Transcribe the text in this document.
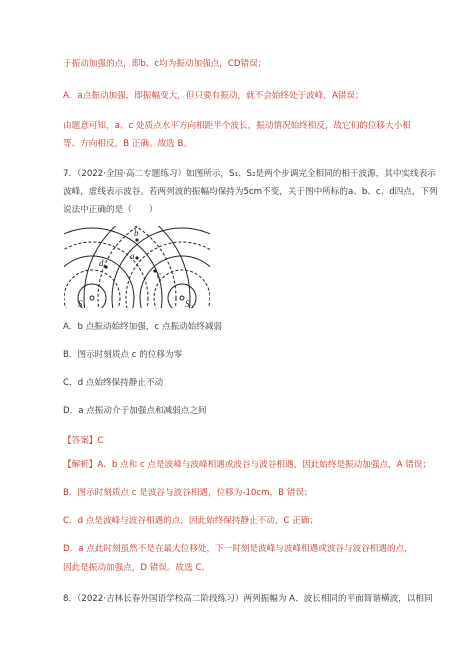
于振动加强的点，即b、c均为振动加强点，CD错误；
A．a点振动加强，即振幅变大，但只要有振动，就不会始终处于波峰，A错误；
由题意可知，a、c 处质点水平方向相距半个波长，振动情况始终相反，故它们的位移大小相
等、方向相反，B 正确。故选 B。
7．（2022·全国·高二专题练习）如图所示，S₁、S₂是两个步调完全相同的相干波源，其中实线表示
波峰，虚线表示波谷。若两列波的振幅均保持为5cm不变，关于图中所标的a、b、c、d四点，下列
说法中正确的是（　　）
b
d
a
c
S₁	S₂
A．b 点振动始终加强，c 点振动始终减弱
B．图示时刻质点 c 的位移为零
C．d 点始终保持静止不动
D．a 点振动介于加强点和减弱点之间
【答案】C
【解析】A．b 点和 c 点是波峰与波峰相遇或波谷与波谷相遇，因此始终是振动加强点，A 错误；
B．图示时刻质点 c 是波谷与波谷相遇，位移为-10cm，B 错误；
C．d 点是波峰与波谷相遇的点，因此始终保持静止不动，C 正确；
D．a 点此时刻虽然不是在最大位移处，下一时刻是波峰与波峰相遇或波谷与波谷相遇的点，
因此是振动加强点，D 错误。故选 C。
8．（2022·吉林长春外国语学校高二阶段练习）两列振幅为 A、波长相同的平面简谐横波，以相同
